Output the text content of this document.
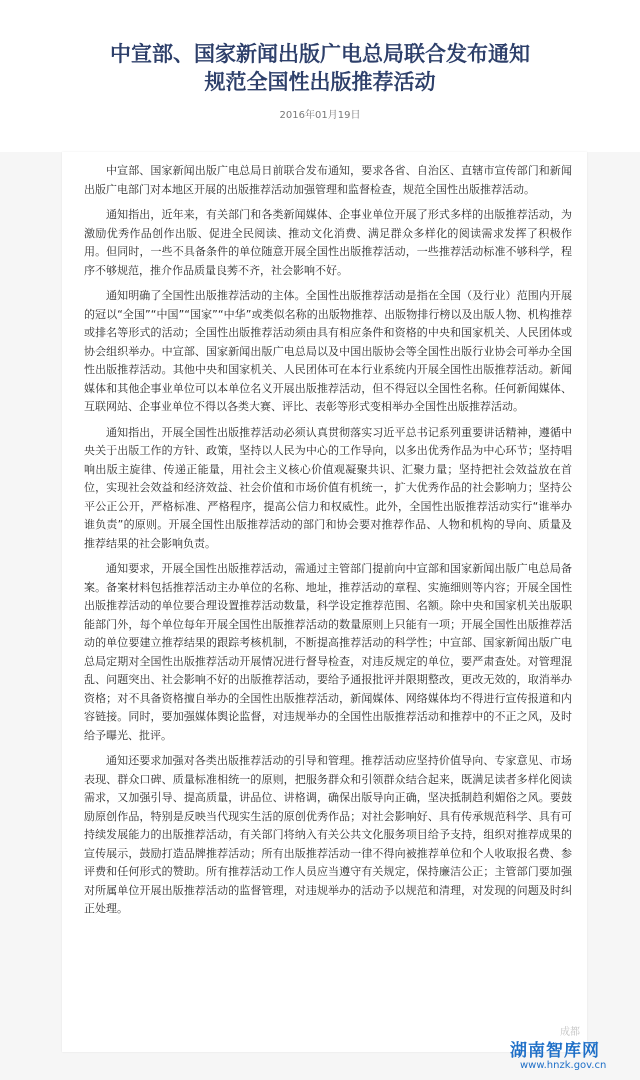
中宣部、国家新闻出版广电总局联合发布通知
规范全国性出版推荐活动
2016年01月19日

中宣部、国家新闻出版广电总局日前联合发布通知，要求各省、自治区、直辖市宣传部门和新闻出版广电部门对本地区开展的出版推荐活动加强管理和监督检查，规范全国性出版推荐活动。

通知指出，近年来，有关部门和各类新闻媒体、企事业单位开展了形式多样的出版推荐活动，为激励优秀作品创作出版、促进全民阅读、推动文化消费、满足群众多样化的阅读需求发挥了积极作用。但同时，一些不具备条件的单位随意开展全国性出版推荐活动，一些推荐活动标准不够科学，程序不够规范，推介作品质量良莠不齐，社会影响不好。

通知明确了全国性出版推荐活动的主体。全国性出版推荐活动是指在全国（及行业）范围内开展的冠以“全国”“中国”“国家”“中华”或类似名称的出版物推荐、出版物排行榜以及出版人物、机构推荐或排名等形式的活动；全国性出版推荐活动须由具有相应条件和资格的中央和国家机关、人民团体或协会组织举办。中宣部、国家新闻出版广电总局以及中国出版协会等全国性出版行业协会可举办全国性出版推荐活动。其他中央和国家机关、人民团体可在本行业系统内开展全国性出版推荐活动。新闻媒体和其他企事业单位可以本单位名义开展出版推荐活动，但不得冠以全国性名称。任何新闻媒体、互联网站、企事业单位不得以各类大赛、评比、表彰等形式变相举办全国性出版推荐活动。

通知指出，开展全国性出版推荐活动必须认真贯彻落实习近平总书记系列重要讲话精神，遵循中央关于出版工作的方针、政策，坚持以人民为中心的工作导向，以多出优秀作品为中心环节；坚持唱响出版主旋律、传递正能量，用社会主义核心价值观凝聚共识、汇聚力量；坚持把社会效益放在首位，实现社会效益和经济效益、社会价值和市场价值有机统一，扩大优秀作品的社会影响力；坚持公平公正公开，严格标准、严格程序，提高公信力和权威性。此外，全国性出版推荐活动实行“谁举办谁负责”的原则。开展全国性出版推荐活动的部门和协会要对推荐作品、人物和机构的导向、质量及推荐结果的社会影响负责。

通知要求，开展全国性出版推荐活动，需通过主管部门提前向中宣部和国家新闻出版广电总局备案。备案材料包括推荐活动主办单位的名称、地址，推荐活动的章程、实施细则等内容；开展全国性出版推荐活动的单位要合理设置推荐活动数量，科学设定推荐范围、名额。除中央和国家机关出版职能部门外，每个单位每年开展全国性出版推荐活动的数量原则上只能有一项；开展全国性出版推荐活动的单位要建立推荐结果的跟踪考核机制，不断提高推荐活动的科学性；中宣部、国家新闻出版广电总局定期对全国性出版推荐活动开展情况进行督导检查，对违反规定的单位，要严肃查处。对管理混乱、问题突出、社会影响不好的出版推荐活动，要给予通报批评并限期整改，更改无效的，取消举办资格；对不具备资格擅自举办的全国性出版推荐活动，新闻媒体、网络媒体均不得进行宣传报道和内容链接。同时，要加强媒体舆论监督，对违规举办的全国性出版推荐活动和推荐中的不正之风，及时给予曝光、批评。

通知还要求加强对各类出版推荐活动的引导和管理。推荐活动应坚持价值导向、专家意见、市场表现、群众口碑、质量标准相统一的原则，把服务群众和引领群众结合起来，既满足读者多样化阅读需求，又加强引导、提高质量，讲品位、讲格调，确保出版导向正确，坚决抵制趋利媚俗之风。要鼓励原创作品，特别是反映当代现实生活的原创优秀作品；对社会影响好、具有传承规范科学、具有可持续发展能力的出版推荐活动，有关部门将纳入有关公共文化服务项目给予支持，组织对推荐成果的宣传展示，鼓励打造品牌推荐活动；所有出版推荐活动一律不得向被推荐单位和个人收取报名费、参评费和任何形式的赞助。所有推荐活动工作人员应当遵守有关规定，保持廉洁公正；主管部门要加强对所属单位开展出版推荐活动的监督管理，对违规举办的活动予以规范和清理，对发现的问题及时纠正处理。

成都
湖南智库网
www.hnzk.gov.cn
